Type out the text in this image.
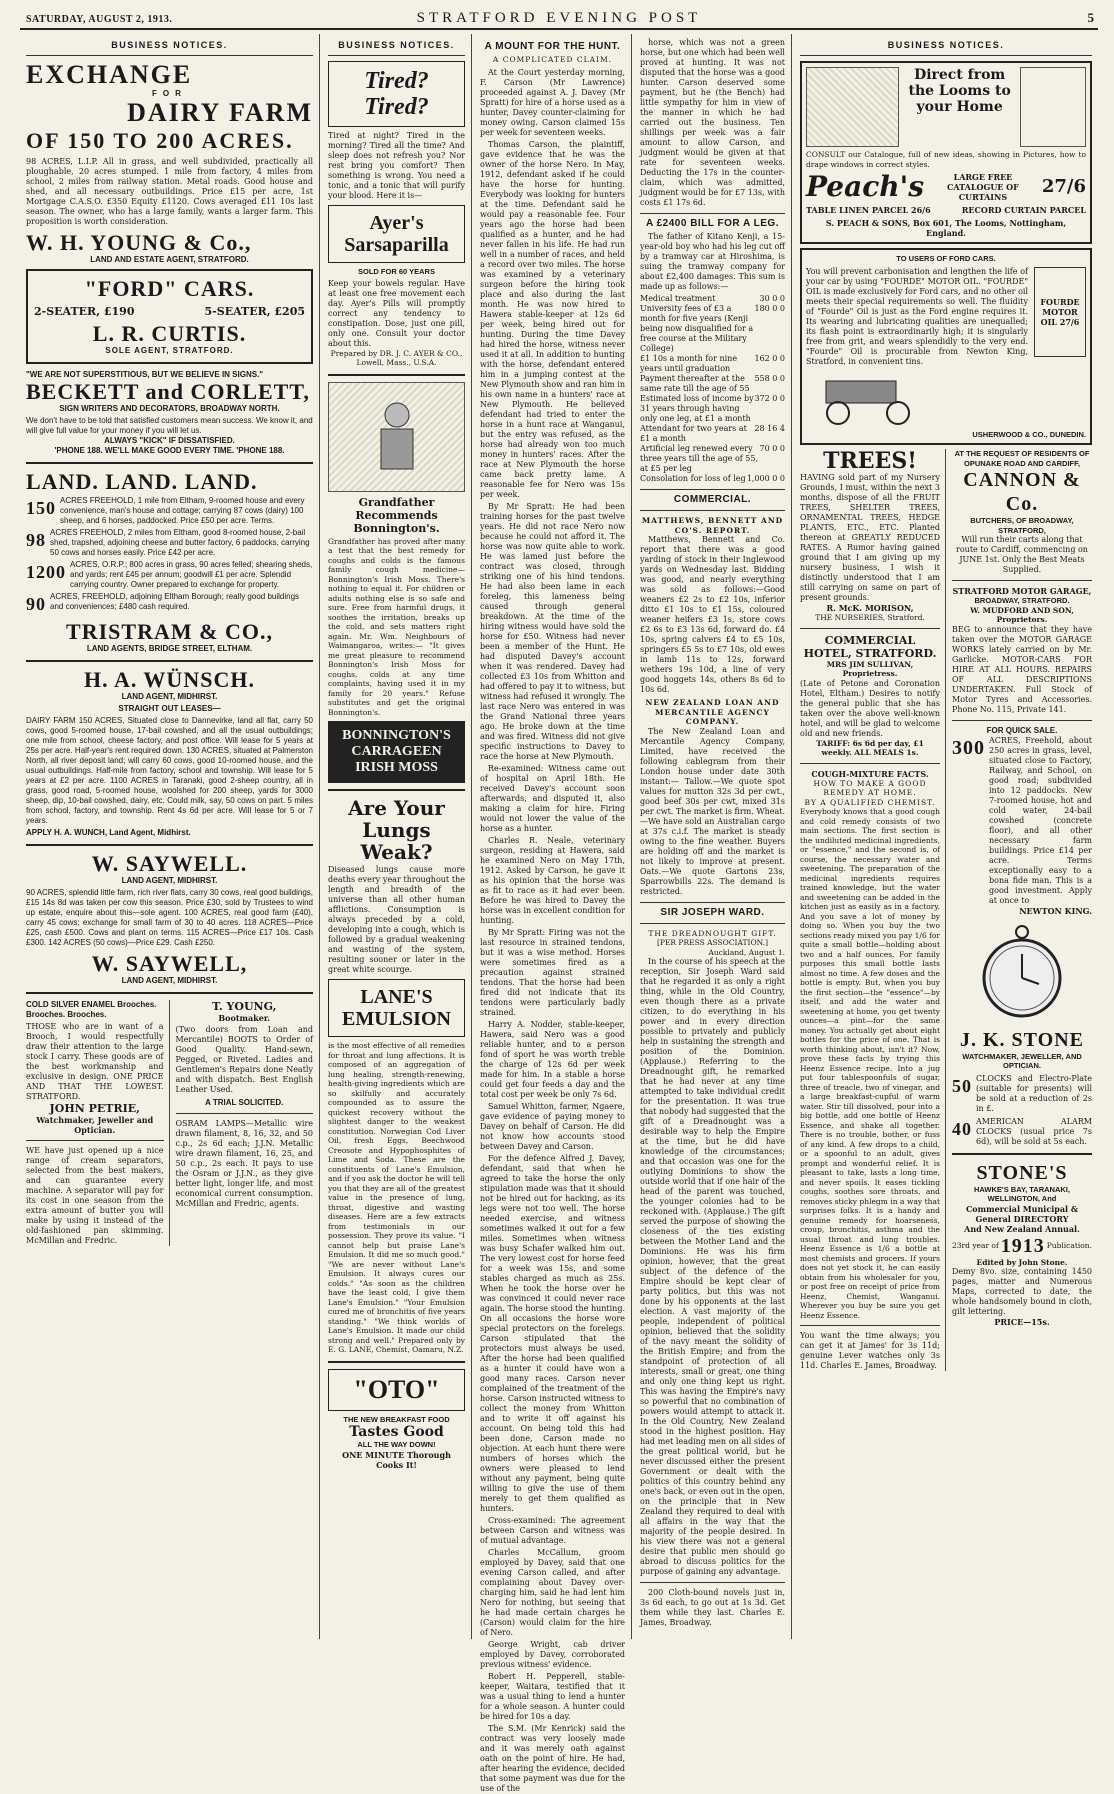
SATURDAY, AUGUST 2, 1913.	STRATFORD EVENING POST	5
BUSINESS NOTICES.
EXCHANGE
FOR
DAIRY FARM
OF 150 TO 200 ACRES.
98 ACRES, L.I.P. All in grass, and well subdivided, practically all ploughable, 20 acres stumped. 1 mile from factory, 4 miles from school, 2 miles from railway station. Metal roads. Good house and shed, and all necessary outbuildings. Price £15 per acre, 1st Mortgage C.A.S.O. £350 Equity £1120. Cows averaged £11 10s last season. The owner, who has a large family, wants a larger farm. This proposition is worth consideration.
W. H. YOUNG & Co.,
LAND AND ESTATE AGENT, STRATFORD.
"FORD" CARS.
2-SEATER, £190	5-SEATER, £205
L. R. CURTIS.
SOLE AGENT, STRATFORD.
"WE ARE NOT SUPERSTITIOUS, BUT WE BELIEVE IN SIGNS."
BECKETT and CORLETT,
SIGN WRITERS AND DECORATORS, BROADWAY NORTH.
We don't have to be told that satisfied customers mean success. We know it, and will give full value for your money if you will let us.
ALWAYS "KICK" IF DISSATISFIED.
'PHONE 188. WE'LL MAKE GOOD EVERY TIME. 'PHONE 188.
LAND. LAND. LAND.
150 ACRES FREEHOLD, 1 mile from Eltham, 9-roomed house and every convenience, man's house and cottage; carrying 87 cows (dairy) 100 sheep, and 6 horses, paddocked. Price £50 per acre. Terms.
98 ACRES FREEHOLD, 2 miles from Eltham, good 8-roomed house, 2-bail shed, trapshed, adjoining cheese and butter factory, 6 paddocks, carrying 50 cows and horses easily. Price £42 per acre.
1200 ACRES, O.R.P.; 800 acres in grass, 90 acres felled; shearing sheds, and yards; rent £45 per annum; goodwill £1 per acre. Splendid carrying country. Owner prepared to exchange for property.
90 ACRES, FREEHOLD, adjoining Eltham Borough; really good buildings and conveniences; £480 cash required.
TRISTRAM & CO.,
LAND AGENTS, BRIDGE STREET, ELTHAM.
H. A. WÜNSCH.
LAND AGENT, MIDHIRST.
STRAIGHT OUT LEASES—
DAIRY FARM 150 ACRES, Situated close to Dannevirke, land all flat, carry 50 cows, good 5-roomed house, 17-bail cowshed, and all the usual outbuildings; one mile from school, cheese factory, and post office. Will lease for 5 years at 25s per acre. Half-year's rent required down. 130 ACRES, situated at Palmerston North, all river deposit land; will carry 60 cows, good 10-roomed house, and the usual outbuildings. Half-mile from factory, school and township. Will lease for 5 years at £2 per acre. 1100 ACRES in Taranaki, good 2-sheep country, all in grass, good road, 5-roomed house, woolshed for 200 sheep, yards for 3000 sheep, dip, 10-bail cowshed, dairy, etc. Could milk, say, 50 cows on part. 5 miles from school, factory, and township. Rent 4s 6d per acre. Will lease for 5 or 7 years.
APPLY H. A. WUNCH, Land Agent, Midhirst.
W. SAYWELL.
LAND AGENT, MIDHIRST.
90 ACRES, splendid little farm, rich river flats, carry 30 cows, real good buildings, £15 14s 8d was taken per cow this season. Price £30, sold by Trustees to wind up estate, enquire about this—sole agent. 100 ACRES, real good farm (£40), carry 45 cows; exchange for small farm of 30 to 40 acres. 118 ACRES—Price £25, cash £500. Cows and plant on terms. 115 ACRES—Price £17 10s. Cash £300. 142 ACRES (50 cows)—Price £29. Cash £250.
W. SAYWELL,
LAND AGENT, MIDHIRST.
COLD SILVER ENAMEL Brooches. Brooches. Brooches.
THOSE who are in want of a Brooch, I would respectfully draw their attention to the large stock I carry. These goods are of the best workmanship and exclusive in design. ONE PRICE AND THAT THE LOWEST. STRATFORD.
JOHN PETRIE,
Watchmaker, Jeweller and Optician.
WE have just opened up a nice range of cream separators, selected from the best makers, and can guarantee every machine. A separator will pay for its cost in one season from the extra amount of butter you will make by using it instead of the old-fashioned pan skimming. McMillan and Fredric.
T. YOUNG,
Bootmaker.
(Two doors from Loan and Mercantile) BOOTS to Order of Good Quality. Hand-sewn, Pegged, or Riveted. Ladies and Gentlemen's Repairs done Neatly and with dispatch. Best English Leather Used.
A TRIAL SOLICITED.
OSRAM LAMPS—Metallic wire drawn filament, 8, 16, 32, and 50 c.p., 2s 6d each; J.J.N. Metallic wire drawn filament, 16, 25, and 50 c.p., 2s each. It pays to use the Osram or J.J.N., as they give better light, longer life, and most economical current consumption. McMillan and Fredric, agents.
BUSINESS NOTICES.
Tired? Tired?
Tired at night? Tired in the morning? Tired all the time? And sleep does not refresh you? Nor rest bring you comfort? Then something is wrong. You need a tonic, and a tonic that will purify your blood. Here it is—
Ayer's Sarsaparilla
SOLD FOR 60 YEARS
Keep your bowels regular. Have at least one free movement each day. Ayer's Pills will promptly correct any tendency to constipation. Dose, just one pill, only one. Consult your doctor about this.
Prepared by DR. J. C. AYER & CO., Lowell, Mass., U.S.A.
Grandfather Recommends Bonnington's.
Grandfather has proved after many a test that the best remedy for coughs and colds is the famous family cough medicine—Bonnington's Irish Moss. There's nothing to equal it. For children or adults nothing else is so safe and sure. Free from harmful drugs, it soothes the irritation, breaks up the cold, and sets matters right again. Mr. Wm. Neighbours of Waimangaroa, writes:— "It gives me great pleasure to recommend Bonnington's Irish Moss for coughs, colds at any time complaints, having used it in my family for 20 years." Refuse substitutes and get the original Bonnington's.
BONNINGTON'S CARRAGEEN IRISH MOSS
Are Your Lungs Weak?
Diseased lungs cause more deaths every year throughout the length and breadth of the universe than all other human afflictions. Consumption is always preceded by a cold, developing into a cough, which is followed by a gradual weakening and wasting of the system, resulting sooner or later in the great white scourge.
LANE'S EMULSION
is the most effective of all remedies for throat and lung affections. It is composed of an aggregation of lung healing, strength-renewing, health-giving ingredients which are so skilfully and accurately compounded as to assure the quickest recovery without the slightest danger to the weakest constitution. Norwegian Cod Liver Oil, fresh Eggs, Beechwood Creosote and Hypophosphites of Lime and Soda. These are the constituents of Lane's Emulsion, and if you ask the doctor he will tell you that they are all of the greatest value in the presence of lung, throat, digestive and wasting diseases. Here are a few extracts from testimonials in our possession. They prove its value. "I cannot help but praise Lane's Emulsion. It did me so much good." "We are never without Lane's Emulsion. It always cures our colds." "As soon as the children have the least cold, I give them Lane's Emulsion." "Your Emulsion cured me of bronchitis of five years standing." "We think worlds of Lane's Emulsion. It made our child strong and well." Prepared only by E. G. LANE, Chemist, Oamaru, N.Z.
"OTO"
THE NEW BREAKFAST FOOD
Tastes Good
ALL THE WAY DOWN!
ONE MINUTE Thorough Cooks It!
A MOUNT FOR THE HUNT.
A COMPLICATED CLAIM.
At the Court yesterday morning, F. Carson (Mr Lawrence) proceeded against A. J. Davey (Mr Spratt) for hire of a horse used as a hunter, Davey counter-claiming for money owing. Carson claimed 15s per week for seventeen weeks.
Thomas Carson, the plaintiff, gave evidence that he was the owner of the horse Nero. In May, 1912, defendant asked if he could have the horse for hunting. Everybody was looking for hunters at the time. Defendant said he would pay a reasonable fee. Four years ago the horse had been qualified as a hunter, and he had never fallen in his life. He had run well in a number of races, and held a record over two miles. The horse was examined by a veterinary surgeon before the hiring took place and also during the last month. He was now hired to Hawera stable-keeper at 12s 6d per week, being hired out for hunting. During the time Davey had hired the horse, witness never used it at all. In addition to hunting with the horse, defendant entered him in a jumping contest at the New Plymouth show and ran him in his own name in a hunters' race at New Plymouth. He believed defendant had tried to enter the horse in a hunt race at Wanganui, but the entry was refused, as the horse had already won too much money in hunters' races. After the race at New Plymouth the horse came back pretty lame. A reasonable fee for Nero was 15s per week.
By Mr Spratt: He had been training horses for the past twelve years. He did not race Nero now because he could not afford it. The horse was now quite able to work. He was lamed just before the contract was closed, through striking one of his hind tendons. He had also been lame in each foreleg, this lameness being caused through general breakdown. At the time of the hiring witness would have sold the horse for £50. Witness had never been a member of the Hunt. He had disputed Davey's account when it was rendered. Davey had collected £3 10s from Whitton and had offered to pay it to witness, but witness had refused it wrongly. The last race Nero was entered in was the Grand National three years ago. He broke down at the time and was fired. Witness did not give specific instructions to Davey to race the horse at New Plymouth.
Re-examined: Witness came out of hospital on April 18th. He received Davey's account soon afterwards, and disputed it, also making a claim for hire. Firing would not lower the value of the horse as a hunter.
Charles R. Neale, veterinary surgeon, residing at Hawera, said he examined Nero on May 17th, 1912. Asked by Carson, he gave it as his opinion that the horse was as fit to race as it had ever been. Before he was hired to Davey the horse was in excellent condition for hunting.
By Mr Spratt: Firing was not the last resource in strained tendons, but it was a wise method. Horses were sometimes fired as a precaution against strained tendons. That the horse had been fired did not indicate that its tendons were particularly badly strained.
Harry A. Nodder, stable-keeper, Hawera, said Nero was a good reliable hunter, and to a person fond of sport he was worth treble the charge of 12s 6d per week made for him. In a stable a horse could get four feeds a day and the total cost per week be only 7s 6d.
Samuel Whitton, farmer, Ngaere, gave evidence of paying money to Davey on behalf of Carson. He did not know how accounts stood between Davey and Carson.
For the defence Alfred J. Davey, defendant, said that when he agreed to take the horse the only stipulation made was that it should not be hired out for hacking, as its legs were not too well. The horse needed exercise, and witness sometimes walked it out for a few miles. Sometimes when witness was busy Schafer walked him out. The very lowest cost for horse feed for a week was 15s, and some stables charged as much as 25s. When he took the horse over he was convinced it could never race again. The horse stood the hunting. On all occasions the horse wore special protectors on the forelegs. Carson stipulated that the protectors must always be used. After the horse had been qualified as a hunter it could have won a good many races. Carson never complained of the treatment of the horse. Carson instructed witness to collect the money from Whitton and to write it off against his account. On being told this had been done, Carson made no objection. At each hunt there were numbers of horses which the owners were pleased to lend without any payment, being quite willing to give the use of them merely to get them qualified as hunters.
Cross-examined: The agreement between Carson and witness was of mutual advantage.
Charles McCallum, groom employed by Davey, said that one evening Carson called, and after complaining about Davey over-charging him, said he had lent him Nero for nothing, but seeing that he had made certain charges he (Carson) would claim for the hire of Nero.
George Wright, cab driver employed by Davey, corroborated previous witness' evidence.
Robert H. Pepperell, stable-keeper, Waitara, testified that it was a usual thing to lend a hunter for a whole season. A hunter could be hired for 10s a day.
The S.M. (Mr Kenrick) said the contract was very loosely made and it was merely oath against oath on the point of hire. He had, after hearing the evidence, decided that some payment was due for the use of the
horse, which was not a green horse, but one which had been well proved at hunting. It was not disputed that the horse was a good hunter. Carson deserved some payment, but he (the Bench) had little sympathy for him in view of the manner in which he had carried out the business. Ten shillings per week was a fair amount to allow Carson, and judgment would be given at that rate for seventeen weeks. Deducting the 17s in the counter-claim, which was admitted, judgment would be for £7 13s, with costs £1 17s 6d.
A £2400 BILL FOR A LEG.
The father of Kitano Kenji, a 15-year-old boy who had his leg cut off by a tramway car at Hiroshima, is suing the tramway company for about £2,400 damages. This sum is made up as follows:—
Medical treatment	30 0 0
University fees of £3 a month for five years (Kenji being now disqualified for a free course at the Military College)
180 0 0
£1 10s a month for nine years until graduation
162 0 0
Payment thereafter at the same rate till the age of 55
558 0 0
Estimated loss of income by 31 years through having only one leg, at £1 a month
372 0 0
Attendant for two years at £1 a month
28 16 4
Artificial leg renewed every three years till the age of 55, at £5 per leg
70 0 0
Consolation for loss of leg 1,000 0 0
COMMERCIAL.
MATTHEWS, BENNETT AND CO'S. REPORT.
Matthews, Bennett and Co. report that there was a good yarding of stock in their Inglewood yards on Wednesday last. Bidding was good, and nearly everything was sold as follows:—Good weaners £2 2s to £2 10s, inferior ditto £1 10s to £1 15s, coloured weaner heifers £3 1s, store cows £2 6s to £3 13s 6d, forward do. £4 10s, spring calvers £4 to £5 10s, springers £5 5s to £7 10s, old ewes in lamb 11s to 12s, forward wethers 19s 10d, a line of very good hoggets 14s, others 8s 6d to 10s 6d.
NEW ZEALAND LOAN AND MERCANTILE AGENCY COMPANY.
The New Zealand Loan and Mercantile Agency Company, Limited, have received the following cablegram from their London house under date 30th instant:— Tallow.—We quote spot values for mutton 32s 3d per cwt., good beef 30s per cwt, mixed 31s per cwt. The market is firm. Wheat.—We have sold an Australian cargo at 37s c.i.f. The market is steady owing to the fine weather. Buyers are holding off and the market is not likely to improve at present. Oats.—We quote Gartons 23s, Sparrowbills 22s. The demand is restricted.
SIR JOSEPH WARD.
THE DREADNOUGHT GIFT.
[PER PRESS ASSOCIATION.]
Auckland, August 1.
In the course of his speech at the reception, Sir Joseph Ward said that he regarded it as only a right thing, while in the Old Country, even though there as a private citizen, to do everything in his power and in every direction possible to privately and publicly help in sustaining the strength and position of the Dominion. (Applause.) Referring to the Dreadnought gift, he remarked that he had never at any time attempted to take individual credit for the presentation. It was true that nobody had suggested that the gift of a Dreadnought was a desirable way to help the Empire at the time, but he did have knowledge of the circumstances; and that occasion was one for the outlying Dominions to show the outside world that if one hair of the head of the parent was touched, the younger colonies had to be reckoned with. (Applause.) The gift served the purpose of showing the closeness of the ties existing between the Mother Land and the Dominions. He was his firm opinion, however, that the great subject of the defence of the Empire should be kept clear of party politics, but this was not done by his opponents at the last election. A vast majority of the people, independent of political opinion, believed that the solidity of the navy meant the solidity of the British Empire; and from the standpoint of protection of all interests, small or great, one thing and only one thing kept us right. This was having the Empire's navy so powerful that no combination of powers would attempt to attack it. In the Old Country, New Zealand stood in the highest position. Hay had met leading men on all sides of the great political world, but he never discussed either the present Government or dealt with the politics of this country behind any one's back, or even out in the open, on the principle that in New Zealand they required to deal with all affairs in the way that the majority of the people desired. In his view there was not a general desire that public men should go abroad to discuss politics for the purpose of gaining any advantage.
200 Cloth-bound novels just in, 3s 6d each, to go out at 1s 3d. Get them while they last. Charles E. James, Broadway.
BUSINESS NOTICES.
Direct from the Looms to your Home
CONSULT our Catalogue, full of new ideas, showing in Pictures, how to drape windows in correct styles.
Peach's	LARGE FREE CATALOGUE OF CURTAINS	27/6
TABLE LINEN PARCEL 26/6	RECORD CURTAIN PARCEL
S. PEACH & SONS, Box 601, The Looms, Nottingham, England.
TO USERS OF FORD CARS.
You will prevent carbonisation and lengthen the life of your car by using "FOURDE" MOTOR OIL. "FOURDE" OIL is made exclusively for Ford cars, and no other oil meets their special requirements so well. The fluidity of "Fourde" Oil is just as the Ford engine requires it. Its wearing and lubricating qualities are unequalled; its flash point is extraordinarily high; it is singularly free from grit, and wears splendidly to the very end. "Fourde" Oil is procurable from Newton King, Stratford, in convenient tins.
FOURDE MOTOR OIL 27/6
USHERWOOD & CO., DUNEDIN.
TREES!
HAVING sold part of my Nursery Grounds, I must, within the next 3 months, dispose of all the FRUIT TREES, SHELTER TREES, ORNAMENTAL TREES, HEDGE PLANTS, ETC., ETC. Planted thereon at GREATLY REDUCED RATES. A Rumor having gained ground that I am giving up my nursery business, I wish it distinctly understood that I am still carrying on same on part of present grounds.
R. McK. MORISON,
THE NURSERIES, Stratford.
COMMERCIAL HOTEL, STRATFORD.
MRS JIM SULLIVAN, Proprietress.
(Late of Petone and Coronation Hotel, Eltham.) Desires to notify the general public that she has taken over the above well-known hotel, and will be glad to welcome old and new friends.
TARIFF: 6s 6d per day, £1 weekly. ALL MEALS 1s.
COUGH-MIXTURE FACTS.
HOW TO MAKE A GOOD REMEDY AT HOME.
BY A QUALIFIED CHEMIST.
Everybody knows that a good cough and cold remedy consists of two main sections. The first section is the undiluted medicinal ingredients, or "essence," and the second is, of course, the necessary water and sweetening. The preparation of the medicinal ingredients requires trained knowledge, but the water and sweetening can be added in the kitchen just as easily as in a factory. And you save a lot of money by doing so. When you buy the two sections ready mixed you pay 1/6 for quite a small bottle—holding about two and a half ounces. For family purposes this small bottle lasts almost no time. A few doses and the bottle is empty. But, when you buy the first section—the "essence"—by itself, and add the water and sweetening at home, you get twenty ounces—a pint—for the same money. You actually get about eight bottles for the price of one. That is worth thinking about, isn't it? Now, prove these facts by trying this Heenz Essence recipe. Into a jug put four tablespoonfuls of sugar, three of treacle, two of vinegar, and a large breakfast-cupful of warm water. Stir till dissolved, pour into a big bottle, add one bottle of Heenz Essence, and shake all together. There is no trouble, bother, or fuss of any kind. A few drops to a child, or a spoonful to an adult, gives prompt and wonderful relief. It is pleasant to take, lasts a long time, and never spoils. It eases tickling coughs, soothes sore throats, and removes sticky phlegm in a way that surprises folks. It is a handy and genuine remedy for hoarseness, croup, bronchitis, asthma and the usual throat and lung troubles. Heenz Essence is 1/6 a bottle at most chemists and grocers. If yours does not yet stock it, he can easily obtain from his wholesaler for you, or post free on receipt of price from Heenz, Chemist, Wanganui. Wherever you buy be sure you get Heenz Essence.
You want the time always; you can get it at James' for 3s 11d; genuine Lever watches only 3s 11d. Charles E. James, Broadway.
AT THE REQUEST OF RESIDENTS OF OPUNAKE ROAD AND CARDIFF,
CANNON & Co.
BUTCHERS, OF BROADWAY, STRATFORD,
Will run their carts along that route to Cardiff, commencing on JUNE 1st. Only the Best Meats Supplied.
STRATFORD MOTOR GARAGE,
BROADWAY, STRATFORD.
W. MUDFORD AND SON, Proprietors.
BEG to announce that they have taken over the MOTOR GARAGE WORKS lately carried on by Mr. Garlicke. MOTOR-CARS FOR HIRE AT ALL HOURS. REPAIRS OF ALL DESCRIPTIONS UNDERTAKEN. Full Stock of Motor Tyres and Accessories. Phone No. 115, Private 141.
FOR QUICK SALE.
300 ACRES, Freehold, about 250 acres in grass, level, situated close to Factory, Railway, and School, on good road; subdivided into 12 paddocks. New 7-roomed house, hot and cold water, 24-bail cowshed (concrete floor), and all other necessary farm buildings. Price £14 per acre. Terms exceptionally easy to a bona fide man. This is a good investment. Apply at once to
NEWTON KING.
J. K. STONE
WATCHMAKER, JEWELLER, AND OPTICIAN.
50 CLOCKS and Electro-Plate (suitable for presents) will be sold at a reduction of 2s in £.
40 AMERICAN ALARM CLOCKS (usual price 7s 6d), will be sold at 5s each.
STONE'S
HAWKE'S BAY, TARANAKI, WELLINGTON, And
Commercial Municipal & General DIRECTORY
And New Zealand Annual.
23rd year of 1913 Publication.
Edited by John Stone.
Demy 8vo. size, containing 1450 pages, matter and Numerous Maps, corrected to date, the whole handsomely bound in cloth, gilt lettering.
PRICE—15s.
